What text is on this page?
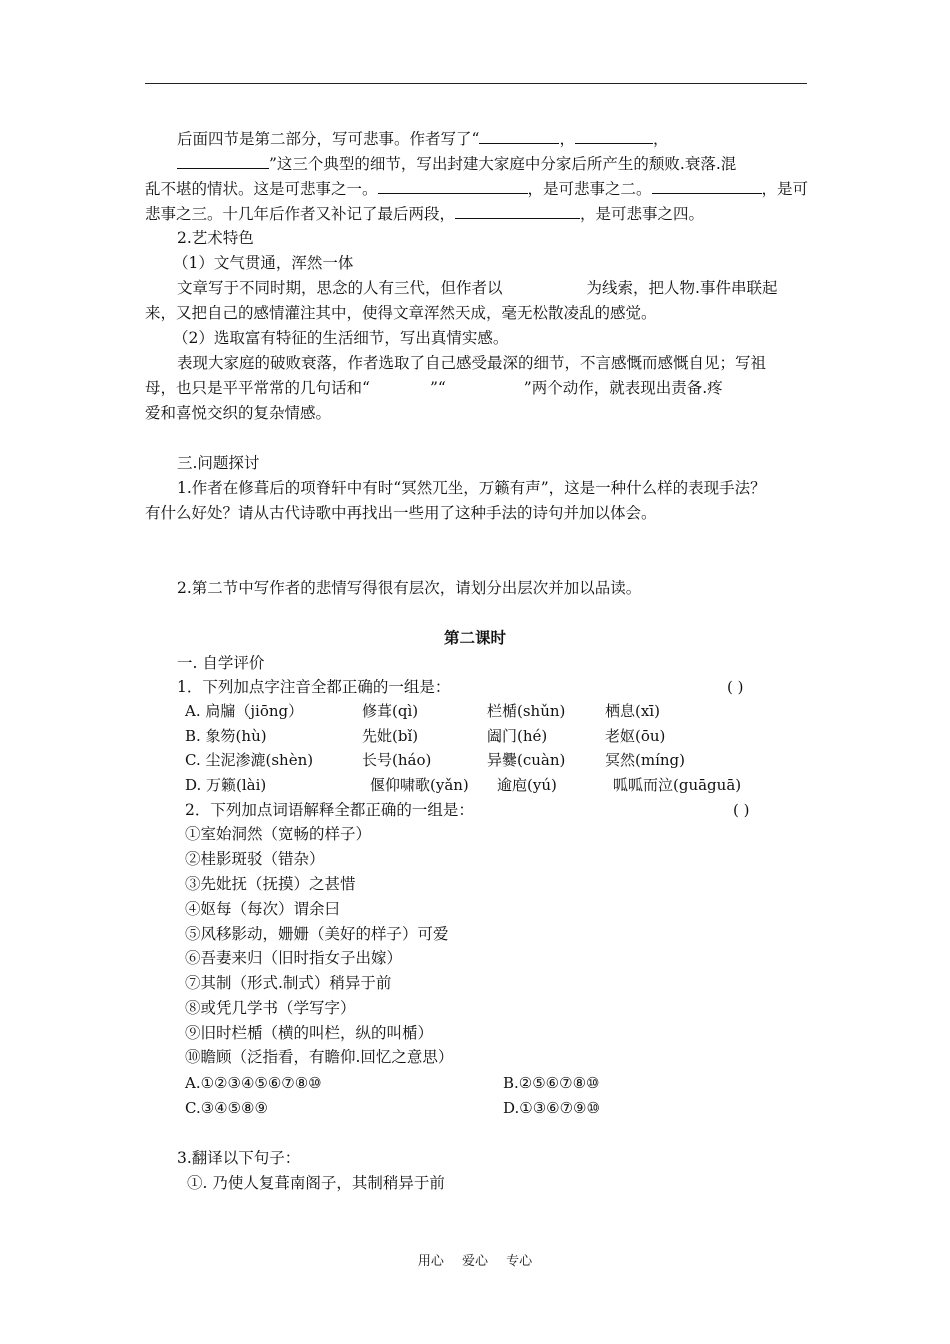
后面四节是第二部分，写可悲事。作者写了“	，	，
”这三个典型的细节，写出封建大家庭中分家后所产生的颓败.衰落.混
乱不堪的情状。这是可悲事之一。	，是可悲事之二。	，是可
悲事之三。十几年后作者又补记了最后两段，	，是可悲事之四。
2.艺术特色
（1）文气贯通，浑然一体
文章写于不同时期，思念的人有三代，但作者以	为线索，把人物.事件串联起
来，又把自己的感情灌注其中，使得文章浑然天成，毫无松散凌乱的感觉。
（2）选取富有特征的生活细节，写出真情实感。
表现大家庭的破败衰落，作者选取了自己感受最深的细节，不言感慨而感慨自见；写祖
母，也只是平平常常的几句话和“	”“	”两个动作，就表现出责备.疼
爱和喜悦交织的复杂情感。
三.问题探讨
1.作者在修葺后的项脊轩中有时“冥然兀坐，万籁有声”，这是一种什么样的表现手法？
有什么好处？请从古代诗歌中再找出一些用了这种手法的诗句并加以体会。
2.第二节中写作者的悲情写得很有层次，请划分出层次并加以品读。
第二课时
一. 自学评价
1．下列加点字注音全都正确的一组是：	( )
A. 扃牖（jiōng）	修葺(qì)	栏楯(shǔn)	栖息(xī)
B. 象笏(hù)	先妣(bǐ)	阖门(hé)	老妪(ōu)
C. 尘泥渗漉(shèn)	长号(háo)	异爨(cuàn)	冥然(míng)
D. 万籁(lài)	偃仰啸歌(yǎn) 逾庖(yú)	呱呱而泣(guāguā)
2．下列加点词语解释全都正确的一组是：	( )
①室始洞然（宽畅的样子）
②桂影斑驳（错杂）
③先妣抚（抚摸）之甚惜
④妪每（每次）谓余曰
⑤风移影动，姗姗（美好的样子）可爱
⑥吾妻来归（旧时指女子出嫁）
⑦其制（形式.制式）稍异于前
⑧或凭几学书（学写字）
⑨旧时栏楯（横的叫栏，纵的叫楯）
⑩瞻顾（泛指看，有瞻仰.回忆之意思）
A.①②③④⑤⑥⑦⑧⑩	B.②⑤⑥⑦⑧⑩
C.③④⑤⑧⑨	D.①③⑥⑦⑨⑩
3.翻译以下句子：
①. 乃使人复葺南阁子，其制稍异于前
用心 爱心 专心
